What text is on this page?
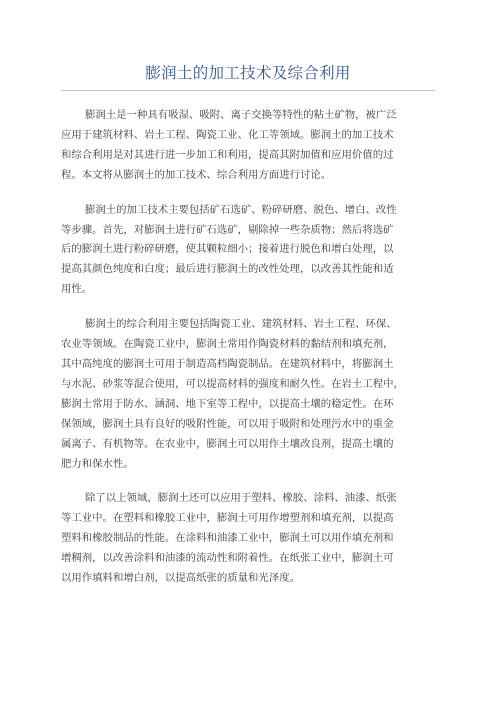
膨润土的加工技术及综合利用

膨润土是一种具有吸湿、吸附、离子交换等特性的粘土矿物，被广泛
应用于建筑材料、岩土工程、陶瓷工业、化工等领域。膨润土的加工技术
和综合利用是对其进行进一步加工和利用，提高其附加值和应用价值的过
程。本文将从膨润土的加工技术、综合利用方面进行讨论。

膨润土的加工技术主要包括矿石选矿、粉碎研磨、脱色、增白、改性
等步骤。首先，对膨润土进行矿石选矿，剔除掉一些杂质物；然后将选矿
后的膨润土进行粉碎研磨，使其颗粒细小；接着进行脱色和增白处理，以
提高其颜色纯度和白度；最后进行膨润土的改性处理，以改善其性能和适
用性。

膨润土的综合利用主要包括陶瓷工业、建筑材料、岩土工程、环保、
农业等领域。在陶瓷工业中，膨润土常用作陶瓷材料的黏结剂和填充剂，
其中高纯度的膨润土可用于制造高档陶瓷制品。在建筑材料中，将膨润土
与水泥、砂浆等混合使用，可以提高材料的强度和耐久性。在岩土工程中，
膨润土常用于防水、涵洞、地下室等工程中，以提高土壤的稳定性。在环
保领域，膨润土具有良好的吸附性能，可以用于吸附和处理污水中的重金
属离子、有机物等。在农业中，膨润土可以用作土壤改良剂，提高土壤的
肥力和保水性。

除了以上领域，膨润土还可以应用于塑料、橡胶、涂料、油漆、纸张
等工业中。在塑料和橡胶工业中，膨润土可用作增塑剂和填充剂，以提高
塑料和橡胶制品的性能。在涂料和油漆工业中，膨润土可以用作填充剂和
增稠剂，以改善涂料和油漆的流动性和附着性。在纸张工业中，膨润土可
以用作填料和增白剂，以提高纸张的质量和光泽度。
